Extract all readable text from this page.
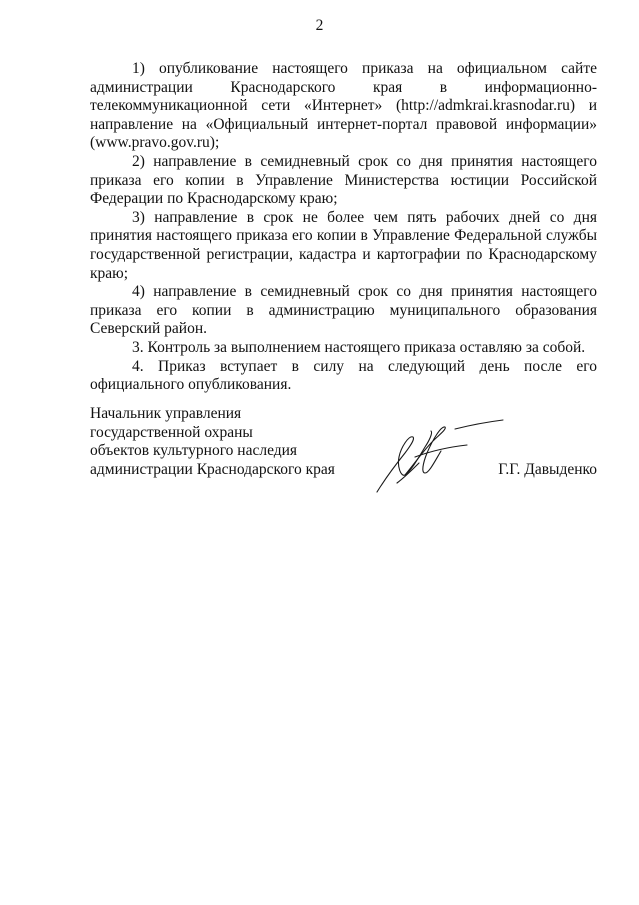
2

1) опубликование настоящего приказа на официальном сайте администрации Краснодарского края в информационно-телекоммуникационной сети «Интернет» (http://admkrai.krasnodar.ru) и направление на «Официальный интернет-портал правовой информации» (www.pravo.gov.ru);

2) направление в семидневный срок со дня принятия настоящего приказа его копии в Управление Министерства юстиции Российской Федерации по Краснодарскому краю;

3) направление в срок не более чем пять рабочих дней со дня принятия настоящего приказа его копии в Управление Федеральной службы государственной регистрации, кадастра и картографии по Краснодарскому краю;

4) направление в семидневный срок со дня принятия настоящего приказа его копии в администрацию муниципального образования Северский район.

3. Контроль за выполнением настоящего приказа оставляю за собой.

4. Приказ вступает в силу на следующий день после его официального опубликования.

Начальник управления
государственной охраны
объектов культурного наследия
администрации Краснодарского края	Г.Г. Давыденко
